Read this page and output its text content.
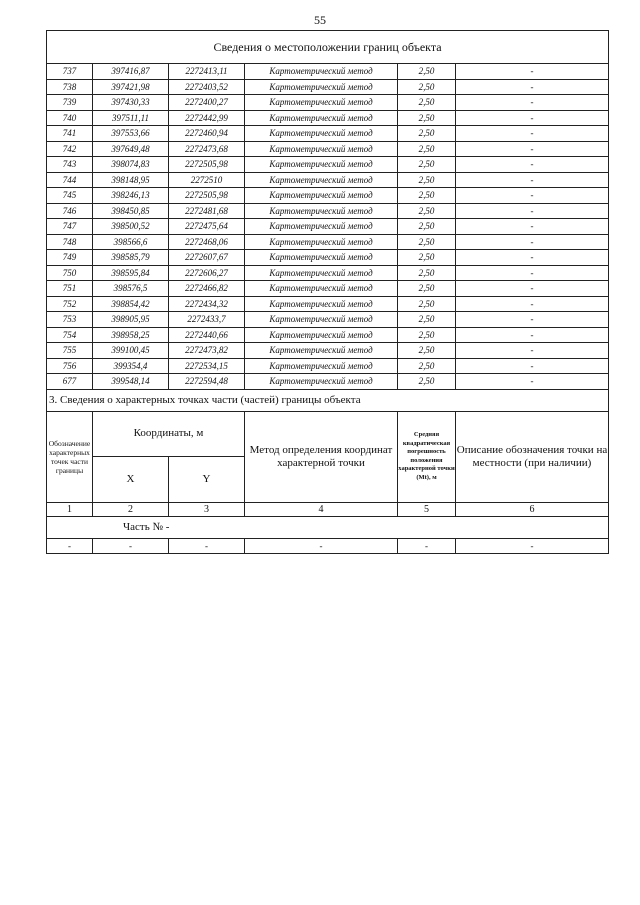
55
Сведения о местоположении границ объекта					
737	397416,87	2272413,11	Картометрический метод	2,50	-
738	397421,98	2272403,52	Картометрический метод	2,50	-
739	397430,33	2272400,27	Картометрический метод	2,50	-
740	397511,11	2272442,99	Картометрический метод	2,50	-
741	397553,66	2272460,94	Картометрический метод	2,50	-
742	397649,48	2272473,68	Картометрический метод	2,50	-
743	398074,83	2272505,98	Картометрический метод	2,50	-
744	398148,95	2272510	Картометрический метод	2,50	-
745	398246,13	2272505,98	Картометрический метод	2,50	-
746	398450,85	2272481,68	Картометрический метод	2,50	-
747	398500,52	2272475,64	Картометрический метод	2,50	-
748	398566,6	2272468,06	Картометрический метод	2,50	-
749	398585,79	2272607,67	Картометрический метод	2,50	-
750	398595,84	2272606,27	Картометрический метод	2,50	-
751	398576,5	2272466,82	Картометрический метод	2,50	-
752	398854,42	2272434,32	Картометрический метод	2,50	-
753	398905,95	2272433,7	Картометрический метод	2,50	-
754	398958,25	2272440,66	Картометрический метод	2,50	-
755	399100,45	2272473,82	Картометрический метод	2,50	-
756	399354,4	2272534,15	Картометрический метод	2,50	-
677	399548,14	2272594,48	Картометрический метод	2,50	-
3. Сведения о характерных точках части (частей) границы объекта					
Обозначение характерных точек части границы	Координаты, м		Метод определения координат характерной точки	Средняя квадратическая погрешность положения характерной точки (Мt), м	Описание обозначения точки на местности (при наличии)
	X	Y			
1	2	3	4	5	6
Часть № -					
-	-	-	-	-	-
